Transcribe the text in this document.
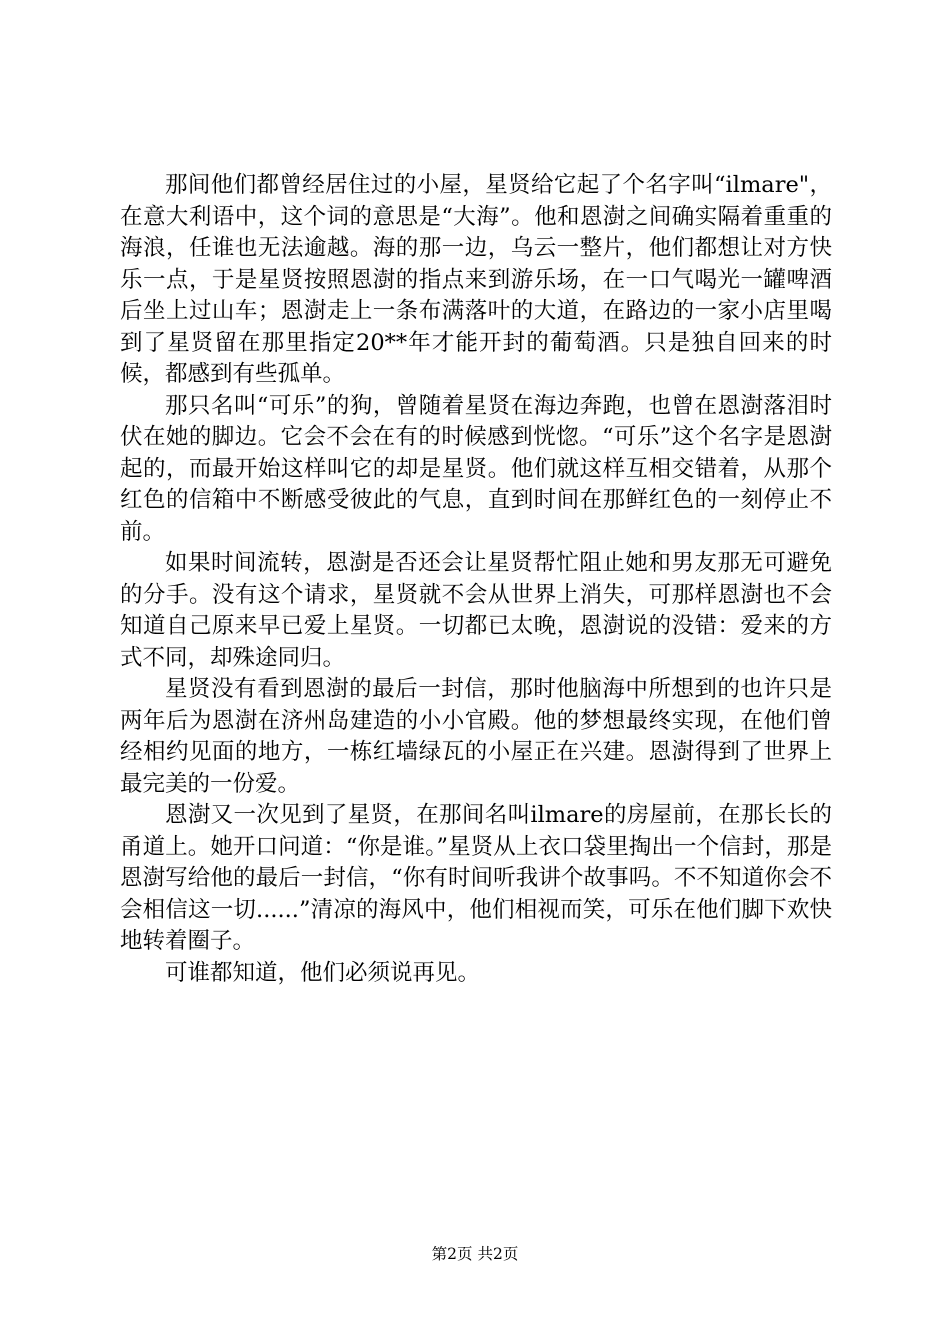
那间他们都曾经居住过的小屋，星贤给它起了个名字叫“ilmare"，在意大利语中，这个词的意思是“大海”。他和恩澍之间确实隔着重重的海浪，任谁也无法逾越。海的那一边，乌云一整片，他们都想让对方快乐一点，于是星贤按照恩澍的指点来到游乐场，在一口气喝光一罐啤酒后坐上过山车；恩澍走上一条布满落叶的大道，在路边的一家小店里喝到了星贤留在那里指定20**年才能开封的葡萄酒。只是独自回来的时候，都感到有些孤单。

那只名叫“可乐”的狗，曾随着星贤在海边奔跑，也曾在恩澍落泪时伏在她的脚边。它会不会在有的时候感到恍惚。“可乐”这个名字是恩澍起的，而最开始这样叫它的却是星贤。他们就这样互相交错着，从那个红色的信箱中不断感受彼此的气息，直到时间在那鲜红色的一刻停止不前。

如果时间流转，恩澍是否还会让星贤帮忙阻止她和男友那无可避免的分手。没有这个请求，星贤就不会从世界上消失，可那样恩澍也不会知道自己原来早已爱上星贤。一切都已太晚，恩澍说的没错：爱来的方式不同，却殊途同归。

星贤没有看到恩澍的最后一封信，那时他脑海中所想到的也许只是两年后为恩澍在济州岛建造的小小官殿。他的梦想最终实现，在他们曾经相约见面的地方，一栋红墙绿瓦的小屋正在兴建。恩澍得到了世界上最完美的一份爱。

恩澍又一次见到了星贤，在那间名叫ilmare的房屋前，在那长长的甬道上。她开口问道：“你是谁。”星贤从上衣口袋里掏出一个信封，那是恩澍写给他的最后一封信，“你有时间听我讲个故事吗。不不知道你会不会相信这一切......”清凉的海风中，他们相视而笑，可乐在他们脚下欢快地转着圈子。

可谁都知道，他们必须说再见。

第2页 共2页
